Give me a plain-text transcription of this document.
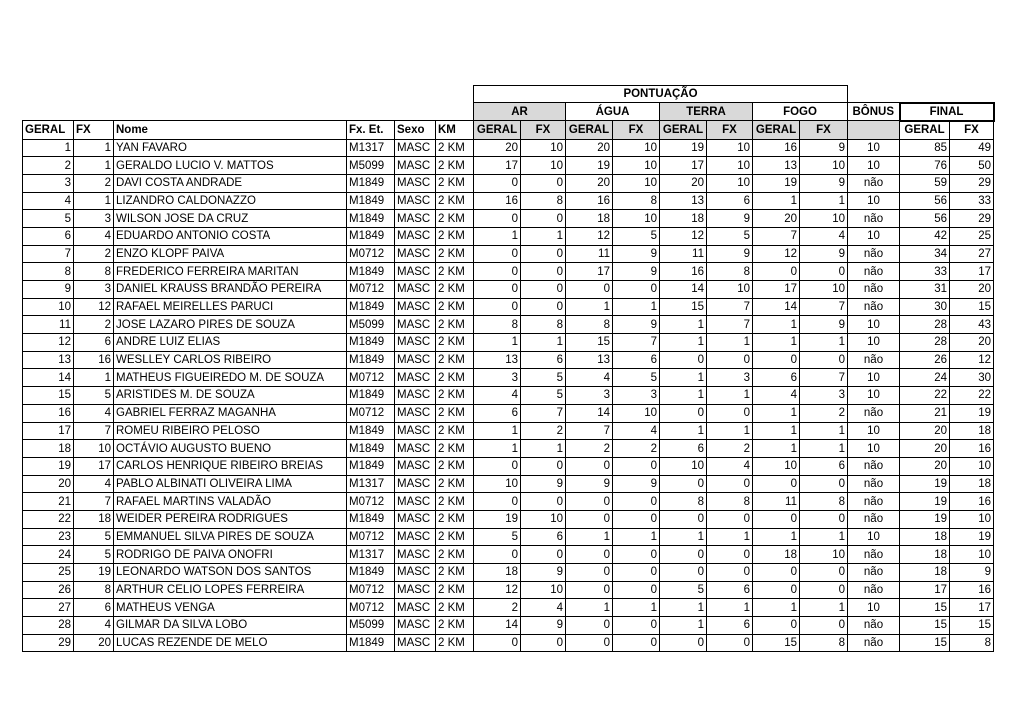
						PONTUAÇÃO										
						AR		ÁGUA		TERRA		FOGO		BÔNUS	FINAL	
GERAL	FX	Nome	Fx. Et.	Sexo	KM	GERAL	FX	GERAL	FX	GERAL	FX	GERAL	FX		GERAL	FX
1	1	YAN FAVARO	M1317	MASC	2 KM	20	10	20	10	19	10	16	9	10	85	49
2	1	GERALDO LUCIO V. MATTOS	M5099	MASC	2 KM	17	10	19	10	17	10	13	10	10	76	50
3	2	DAVI COSTA ANDRADE	M1849	MASC	2 KM	0	0	20	10	20	10	19	9	não	59	29
4	1	LIZANDRO CALDONAZZO	M1849	MASC	2 KM	16	8	16	8	13	6	1	1	10	56	33
5	3	WILSON JOSE DA CRUZ	M1849	MASC	2 KM	0	0	18	10	18	9	20	10	não	56	29
6	4	EDUARDO ANTONIO COSTA	M1849	MASC	2 KM	1	1	12	5	12	5	7	4	10	42	25
7	2	ENZO KLOPF PAIVA	M0712	MASC	2 KM	0	0	11	9	11	9	12	9	não	34	27
8	8	FREDERICO FERREIRA MARITAN	M1849	MASC	2 KM	0	0	17	9	16	8	0	0	não	33	17
9	3	DANIEL KRAUSS BRANDÃO PEREIRA	M0712	MASC	2 KM	0	0	0	0	14	10	17	10	não	31	20
10	12	RAFAEL MEIRELLES PARUCI	M1849	MASC	2 KM	0	0	1	1	15	7	14	7	não	30	15
11	2	JOSE LAZARO PIRES DE SOUZA	M5099	MASC	2 KM	8	8	8	9	1	7	1	9	10	28	43
12	6	ANDRE LUIZ ELIAS	M1849	MASC	2 KM	1	1	15	7	1	1	1	1	10	28	20
13	16	WESLLEY CARLOS RIBEIRO	M1849	MASC	2 KM	13	6	13	6	0	0	0	0	não	26	12
14	1	MATHEUS FIGUEIREDO M. DE SOUZA	M0712	MASC	2 KM	3	5	4	5	1	3	6	7	10	24	30
15	5	ARISTIDES M. DE SOUZA	M1849	MASC	2 KM	4	5	3	3	1	1	4	3	10	22	22
16	4	GABRIEL FERRAZ MAGANHA	M0712	MASC	2 KM	6	7	14	10	0	0	1	2	não	21	19
17	7	ROMEU RIBEIRO PELOSO	M1849	MASC	2 KM	1	2	7	4	1	1	1	1	10	20	18
18	10	OCTÁVIO AUGUSTO BUENO	M1849	MASC	2 KM	1	1	2	2	6	2	1	1	10	20	16
19	17	CARLOS HENRIQUE RIBEIRO BREIAS	M1849	MASC	2 KM	0	0	0	0	10	4	10	6	não	20	10
20	4	PABLO ALBINATI OLIVEIRA LIMA	M1317	MASC	2 KM	10	9	9	9	0	0	0	0	não	19	18
21	7	RAFAEL MARTINS VALADÃO	M0712	MASC	2 KM	0	0	0	0	8	8	11	8	não	19	16
22	18	WEIDER PEREIRA RODRIGUES	M1849	MASC	2 KM	19	10	0	0	0	0	0	0	não	19	10
23	5	EMMANUEL SILVA PIRES DE SOUZA	M0712	MASC	2 KM	5	6	1	1	1	1	1	1	10	18	19
24	5	RODRIGO DE PAIVA ONOFRI	M1317	MASC	2 KM	0	0	0	0	0	0	18	10	não	18	10
25	19	LEONARDO WATSON DOS SANTOS	M1849	MASC	2 KM	18	9	0	0	0	0	0	0	não	18	9
26	8	ARTHUR CELIO LOPES FERREIRA	M0712	MASC	2 KM	12	10	0	0	5	6	0	0	não	17	16
27	6	MATHEUS VENGA	M0712	MASC	2 KM	2	4	1	1	1	1	1	1	10	15	17
28	4	GILMAR DA SILVA LOBO	M5099	MASC	2 KM	14	9	0	0	1	6	0	0	não	15	15
29	20	LUCAS REZENDE DE MELO	M1849	MASC	2 KM	0	0	0	0	0	0	15	8	não	15	8
